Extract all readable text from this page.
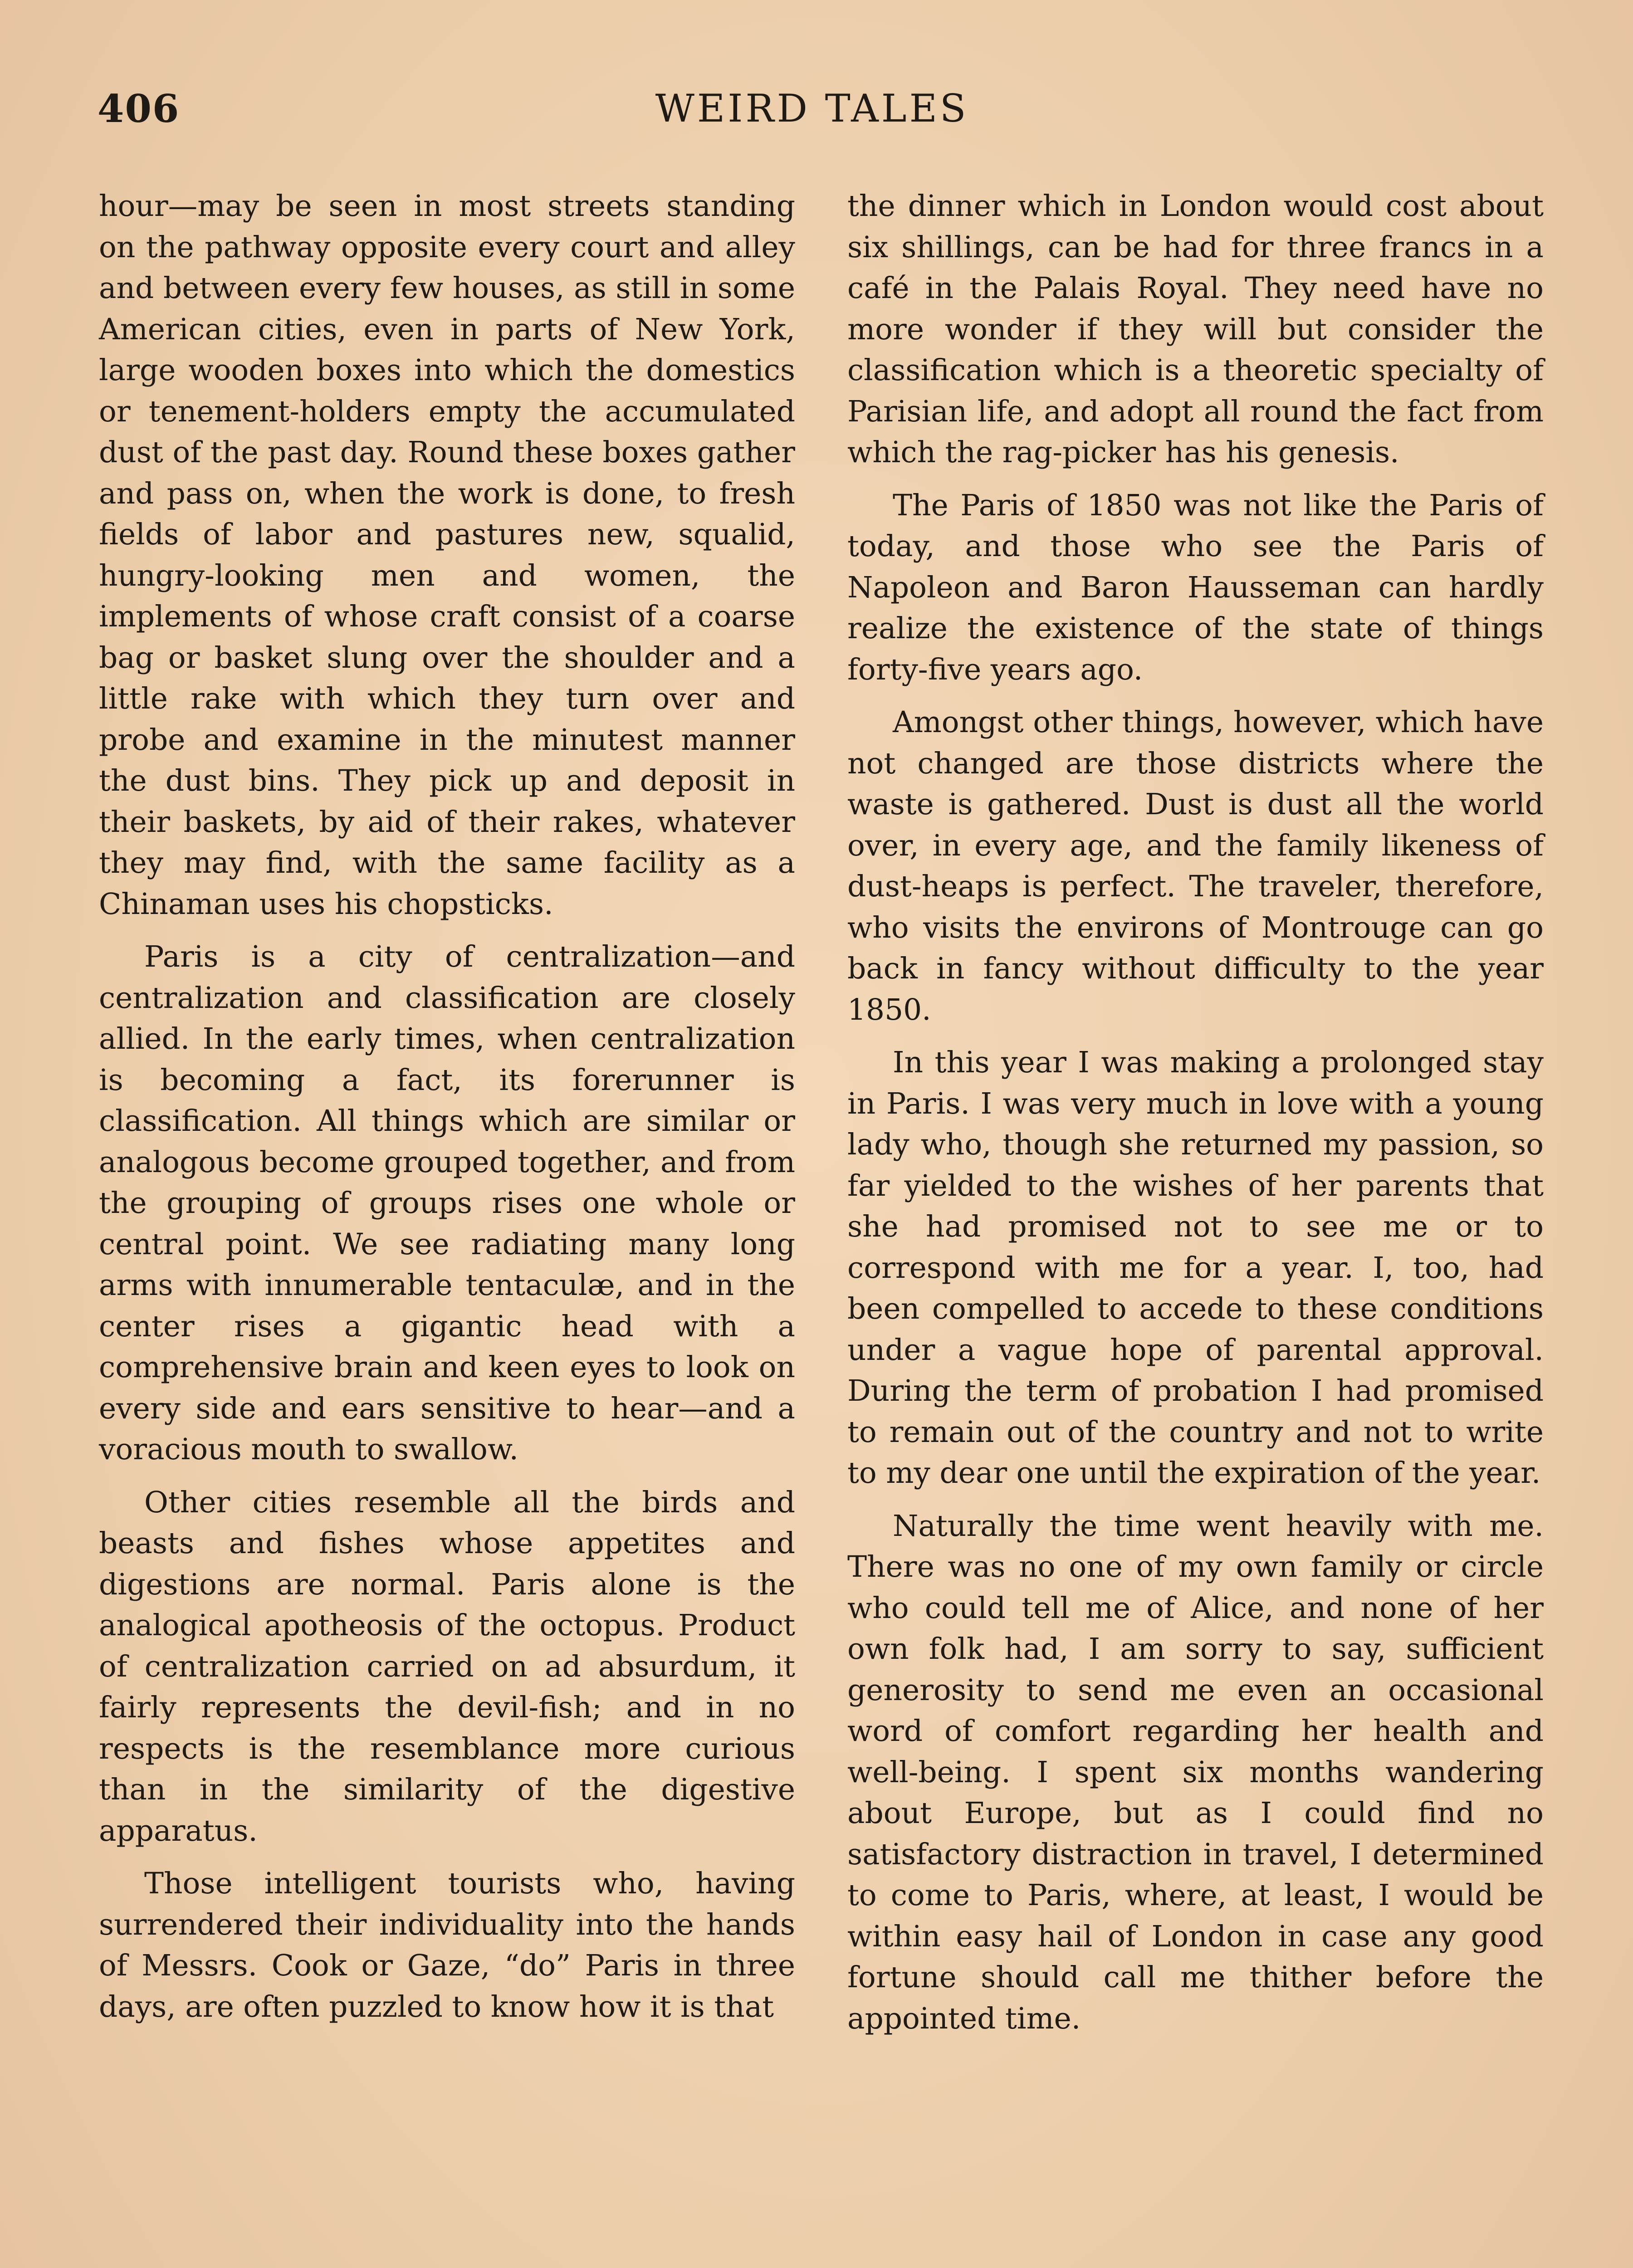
406	WEIRD TALES

hour—may be seen in most streets standing on the pathway opposite every court and alley and between every few houses, as still in some American cities, even in parts of New York, large wooden boxes into which the domestics or tenement-holders empty the accumulated dust of the past day. Round these boxes gather and pass on, when the work is done, to fresh fields of labor and pastures new, squalid, hungry-looking men and women, the implements of whose craft consist of a coarse bag or basket slung over the shoulder and a little rake with which they turn over and probe and examine in the minutest manner the dust bins. They pick up and deposit in their baskets, by aid of their rakes, whatever they may find, with the same facility as a Chinaman uses his chopsticks.

Paris is a city of centralization—and centralization and classification are closely allied. In the early times, when centralization is becoming a fact, its forerunner is classification. All things which are similar or analogous become grouped together, and from the grouping of groups rises one whole or central point. We see radiating many long arms with innumerable tentaculæ, and in the center rises a gigantic head with a comprehensive brain and keen eyes to look on every side and ears sensitive to hear—and a voracious mouth to swallow.

Other cities resemble all the birds and beasts and fishes whose appetites and digestions are normal. Paris alone is the analogical apotheosis of the octopus. Product of centralization carried on ad absurdum, it fairly represents the devil-fish; and in no respects is the resemblance more curious than in the similarity of the digestive apparatus.

Those intelligent tourists who, having surrendered their individuality into the hands of Messrs. Cook or Gaze, “do” Paris in three days, are often puzzled to know how it is that

the dinner which in London would cost about six shillings, can be had for three francs in a café in the Palais Royal. They need have no more wonder if they will but consider the classification which is a theoretic specialty of Parisian life, and adopt all round the fact from which the rag-picker has his genesis.

The Paris of 1850 was not like the Paris of today, and those who see the Paris of Napoleon and Baron Hausseman can hardly realize the existence of the state of things forty-five years ago.

Amongst other things, however, which have not changed are those districts where the waste is gathered. Dust is dust all the world over, in every age, and the family likeness of dust-heaps is perfect. The traveler, therefore, who visits the environs of Montrouge can go back in fancy without difficulty to the year 1850.

In this year I was making a prolonged stay in Paris. I was very much in love with a young lady who, though she returned my passion, so far yielded to the wishes of her parents that she had promised not to see me or to correspond with me for a year. I, too, had been compelled to accede to these conditions under a vague hope of parental approval. During the term of probation I had promised to remain out of the country and not to write to my dear one until the expiration of the year.

Naturally the time went heavily with me. There was no one of my own family or circle who could tell me of Alice, and none of her own folk had, I am sorry to say, sufficient generosity to send me even an occasional word of comfort regarding her health and well-being. I spent six months wandering about Europe, but as I could find no satisfactory distraction in travel, I determined to come to Paris, where, at least, I would be within easy hail of London in case any good fortune should call me thither before the appointed time.
